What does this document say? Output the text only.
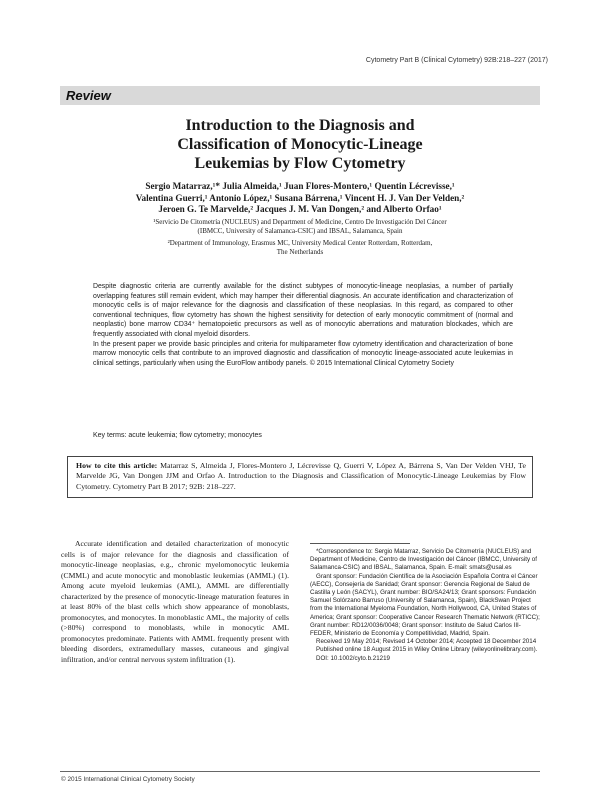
Cytometry Part B (Clinical Cytometry) 92B:218–227 (2017)
Review
Introduction to the Diagnosis and
Classification of Monocytic-Lineage
Leukemias by Flow Cytometry
Sergio Matarraz,¹* Julia Almeida,¹ Juan Flores-Montero,¹ Quentin Lécrevisse,¹
Valentina Guerri,¹ Antonio López,¹ Susana Bárrena,¹ Vincent H. J. Van Der Velden,²
Jeroen G. Te Marvelde,² Jacques J. M. Van Dongen,² and Alberto Orfao¹
¹Servicio De Citometría (NUCLEUS) and Department of Medicine, Centro De Investigación Del Cáncer
(IBMCC, University of Salamanca-CSIC) and IBSAL, Salamanca, Spain
²Department of Immunology, Erasmus MC, University Medical Center Rotterdam, Rotterdam,
The Netherlands

Despite diagnostic criteria are currently available for the distinct subtypes of monocytic-lineage neoplasias, a number of partially overlapping features still remain evident, which may hamper their differential diagnosis. An accurate identification and characterization of monocytic cells is of major relevance for the diagnosis and classification of these neoplasias. In this regard, as compared to other conventional techniques, flow cytometry has shown the highest sensitivity for detection of early monocytic commitment of (normal and neoplastic) bone marrow CD34⁺ hematopoietic precursors as well as of monocytic aberrations and maturation blockades, which are frequently associated with clonal myeloid disorders.

In the present paper we provide basic principles and criteria for multiparameter flow cytometry identification and characterization of bone marrow monocytic cells that contribute to an improved diagnostic and classification of monocytic lineage-associated acute leukemias in clinical settings, particularly when using the EuroFlow antibody panels. © 2015 International Clinical Cytometry Society

Key terms: acute leukemia; flow cytometry; monocytes
How to cite this article: Matarraz S, Almeida J, Flores-Montero J, Lécrevisse Q, Guerri V, López A, Bárrena S, Van Der Velden VHJ, Te Marvelde JG, Van Dongen JJM and Orfao A. Introduction to the Diagnosis and Classification of Monocytic-Lineage Leukemias by Flow Cytometry. Cytometry Part B 2017; 92B: 218–227.
Accurate identification and detailed characterization of monocytic cells is of major relevance for the diagnosis and classification of monocytic-lineage neoplasias, e.g., chronic myelomonocytic leukemia (CMML) and acute monocytic and monoblastic leukemias (AMML) (1). Among acute myeloid leukemias (AML), AMML are differentially characterized by the presence of monocytic-lineage maturation features in at least 80% of the blast cells which show appearance of monoblasts, promonocytes, and monocytes. In monoblastic AML, the majority of cells (>80%) correspond to monoblasts, while in monocytic AML promonocytes predominate. Patients with AMML frequently present with bleeding disorders, extramedullary masses, cutaneous and gingival infiltration, and/or central nervous system infiltration (1).

*Correspondence to: Sergio Matarraz, Servicio De Citometría (NUCLEUS) and Department of Medicine, Centro de Investigación del Cáncer (IBMCC, University of Salamanca-CSIC) and IBSAL, Salamanca, Spain. E-mail: smats@usal.es

Grant sponsor: Fundación Científica de la Asociación Española Contra el Cáncer (AECC), Consejería de Sanidad; Grant sponsor: Gerencia Regional de Salud de Castilla y León (SACYL), Grant number: BIO/SA24/13; Grant sponsors: Fundación Samuel Solórzano Barruso (University of Salamanca, Spain), BlackSwan Project from the International Myeloma Foundation, North Hollywood, CA, United States of America; Grant sponsor: Cooperative Cancer Research Thematic Network (RTICC); Grant number: RD12/0036/0048; Grant sponsor: Instituto de Salud Carlos III-FEDER, Ministerio de Economía y Competitividad, Madrid, Spain.

Received 19 May 2014; Revised 14 October 2014; Accepted 18 December 2014

Published online 18 August 2015 in Wiley Online Library (wileyonlinelibrary.com).

DOI: 10.1002/cyto.b.21219

© 2015 International Clinical Cytometry Society
